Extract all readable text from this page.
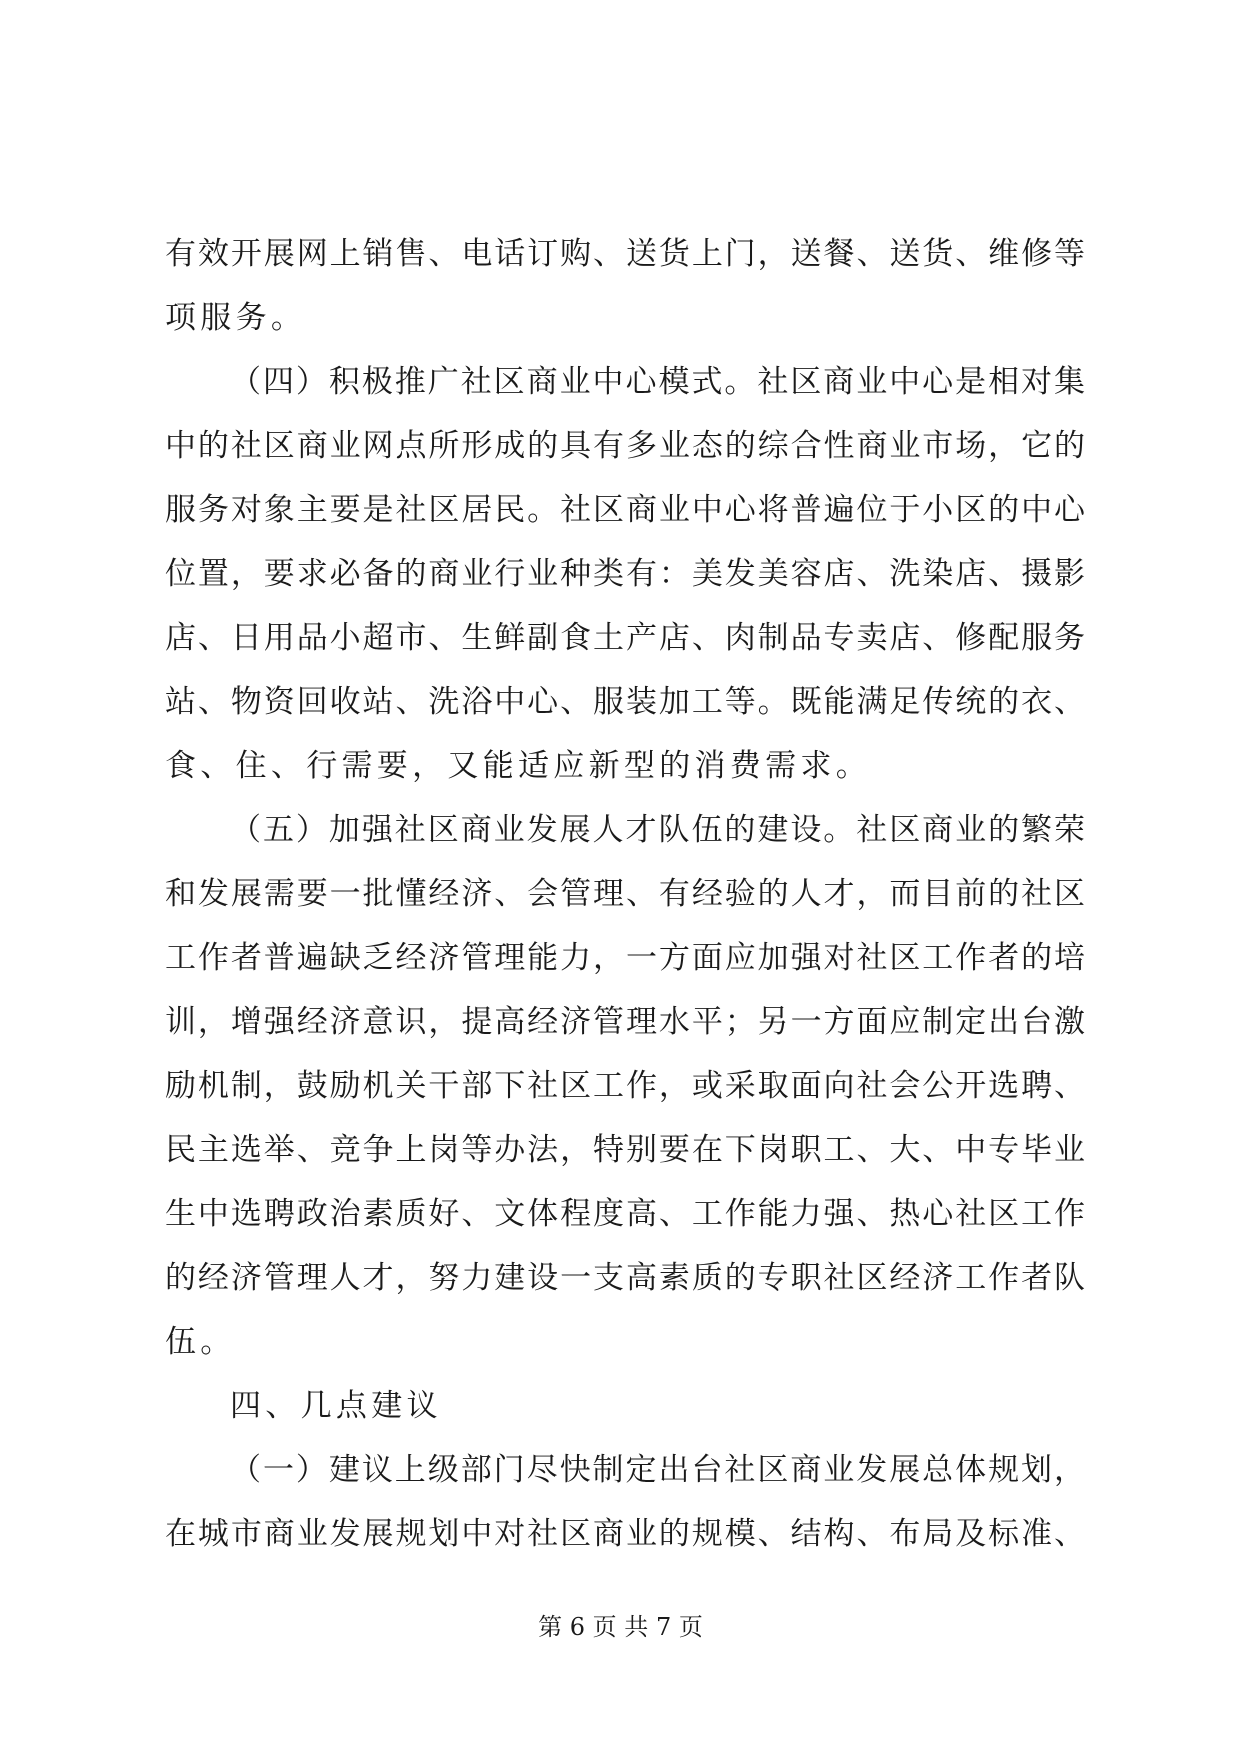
有效开展网上销售、电话订购、送货上门，送餐、送货、维修等
项服务。
（四）积极推广社区商业中心模式。社区商业中心是相对集
中的社区商业网点所形成的具有多业态的综合性商业市场，它的
服务对象主要是社区居民。社区商业中心将普遍位于小区的中心
位置，要求必备的商业行业种类有：美发美容店、洗染店、摄影
店、日用品小超市、生鲜副食土产店、肉制品专卖店、修配服务
站、物资回收站、洗浴中心、服装加工等。既能满足传统的衣、
食、住、行需要，又能适应新型的消费需求。
（五）加强社区商业发展人才队伍的建设。社区商业的繁荣
和发展需要一批懂经济、会管理、有经验的人才，而目前的社区
工作者普遍缺乏经济管理能力，一方面应加强对社区工作者的培
训，增强经济意识，提高经济管理水平；另一方面应制定出台激
励机制，鼓励机关干部下社区工作，或采取面向社会公开选聘、
民主选举、竞争上岗等办法，特别要在下岗职工、大、中专毕业
生中选聘政治素质好、文体程度高、工作能力强、热心社区工作
的经济管理人才，努力建设一支高素质的专职社区经济工作者队
伍。
四、几点建议
（一）建议上级部门尽快制定出台社区商业发展总体规划，
在城市商业发展规划中对社区商业的规模、结构、布局及标准、
第 6 页 共 7 页
